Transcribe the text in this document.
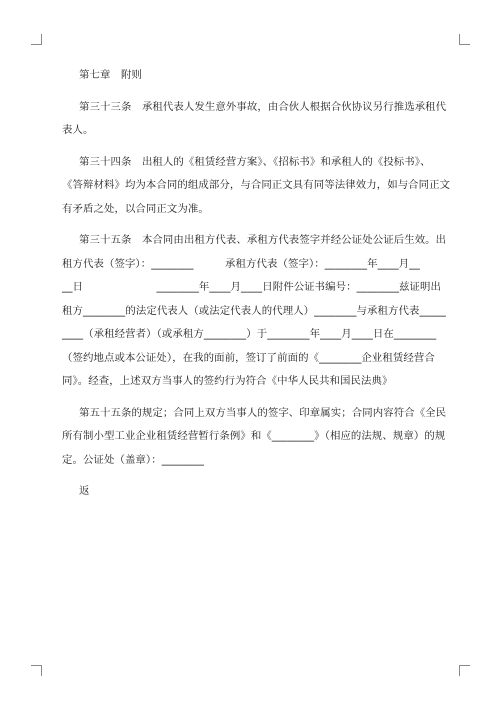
第七章　附则
第三十三条　承租代表人发生意外事故，由合伙人根据合伙协议另行推选承租代
表人。
第三十四条　出租人的《租赁经营方案》、《招标书》和承租人的《投标书》、
《答辩材料》均为本合同的组成部分，与合同正文具有同等法律效力，如与合同正文
有矛盾之处，以合同正文为准。
第三十五条　本合同由出租方代表、承租方代表签字并经公证处公证后生效。出
租方代表（签字）：________　　　承租方代表（签字）：________年____月__
__日　　　　　　　________年____月____日附件公证书编号：________兹证明出
租方________的法定代表人（或法定代表人的代理人）________与承租方代表_____
____（承租经营者）（或承租方________）于________年____月____日在________
（签约地点或本公证处），在我的面前，签订了前面的《________企业租赁经营合
同》。经查，上述双方当事人的签约行为符合《中华人民共和国民法典》
第五十五条的规定；合同上双方当事人的签字、印章属实；合同内容符合《全民
所有制小型工业企业租赁经营暂行条例》和《________》（相应的法规、规章）的规
定。公证处（盖章）：________
返
